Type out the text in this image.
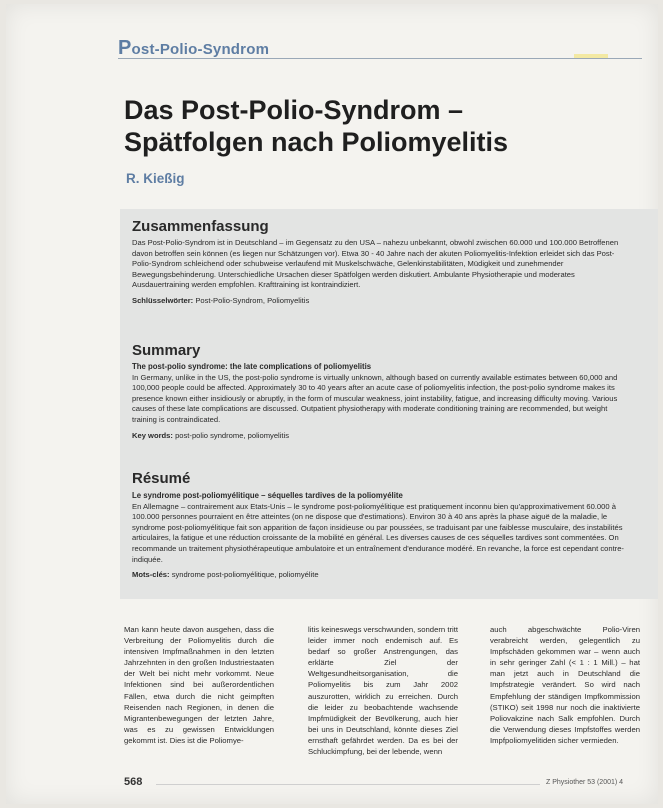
Post-Polio-Syndrom
Das Post-Polio-Syndrom – Spätfolgen nach Poliomyelitis
R. Kießig
Zusammenfassung

Das Post-Polio-Syndrom ist in Deutschland – im Gegensatz zu den USA – nahezu unbekannt, obwohl zwischen 60.000 und 100.000 Betroffenen davon betroffen sein können (es liegen nur Schätzungen vor). Etwa 30 - 40 Jahre nach der akuten Poliomyelitis-Infektion erleidet sich das Post-Polio-Syndrom schleichend oder schubweise verlaufend mit Muskelschwäche, Gelenkinstabilitäten, Müdigkeit und zunehmender Bewegungsbehinderung. Unterschiedliche Ursachen dieser Spätfolgen werden diskutiert. Ambulante Physiotherapie und moderates Ausdauertraining werden empfohlen. Krafttraining ist kontraindiziert.

Schlüsselwörter: Post-Polio-Syndrom, Poliomyelitis

Summary

The post-polio syndrome: the late complications of poliomyelitis

In Germany, unlike in the US, the post-polio syndrome is virtually unknown, although based on currently available estimates between 60,000 and 100,000 people could be affected. Approximately 30 to 40 years after an acute case of poliomyelitis infection, the post-polio syndrome makes its presence known either insidiously or abruptly, in the form of muscular weakness, joint instability, fatigue, and increasing difficulty moving. Various causes of these late complications are discussed. Outpatient physiotherapy with moderate conditioning training are recommended, but weight training is contraindicated.

Key words: post-polio syndrome, poliomyelitis

Résumé

Le syndrome post-poliomyélitique – séquelles tardives de la poliomyélite

En Allemagne – contrairement aux Etats-Unis – le syndrome post-poliomyélitique est pratiquement inconnu bien qu'approximativement 60.000 à 100.000 personnes pourraient en être atteintes (on ne dispose que d'estimations). Environ 30 à 40 ans après la phase aiguë de la maladie, le syndrome post-poliomyélitique fait son apparition de façon insidieuse ou par poussées, se traduisant par une faiblesse musculaire, des instabilités articulaires, la fatigue et une réduction croissante de la mobilité en général. Les diverses causes de ces séquelles tardives sont commentées. On recommande un traitement physiothérapeutique ambulatoire et un entraînement d'endurance modéré. En revanche, la force est cependant contre-indiquée.

Mots-clés: syndrome post-poliomyélitique, poliomyélite

Man kann heute davon ausgehen, dass die Verbreitung der Poliomyelitis durch die intensiven Impfmaßnahmen in den letzten Jahrzehnten in den großen Industriestaaten der Welt bei nicht mehr vorkommt. Neue Infektionen sind bei außerordentlichen Fällen, etwa durch die nicht geimpften Reisenden nach Regionen, in denen die Migrantenbewegungen der letzten Jahre, was es zu gewissen Entwicklungen gekommt ist. Dies ist die Poliomye-

litis keineswegs verschwunden, sondern tritt leider immer noch endemisch auf. Es bedarf so großer Anstrengungen, das erklärte Ziel der Weltgesundheitsorganisation, die Poliomyelitis bis zum Jahr 2002 auszurotten, wirklich zu erreichen. Durch die leider zu beobachtende wachsende Impfmüdigkeit der Bevölkerung, auch hier bei uns in Deutschland, könnte dieses Ziel ernsthaft gefährdet werden. Da es bei der Schluckimpfung, bei der lebende, wenn

auch abgeschwächte Polio-Viren verabreicht werden, gelegentlich zu Impfschäden gekommen war – wenn auch in sehr geringer Zahl (< 1 : 1 Mill.) – hat man jetzt auch in Deutschland die Impfstrategie verändert. So wird nach Empfehlung der ständigen Impfkommission (STIKO) seit 1998 nur noch die inaktivierte Poliovakzine nach Salk empfohlen. Durch die Verwendung dieses Impfstoffes werden Impfpoliomyelitiden sicher vermieden.

568	Z Physiother 53 (2001) 4
